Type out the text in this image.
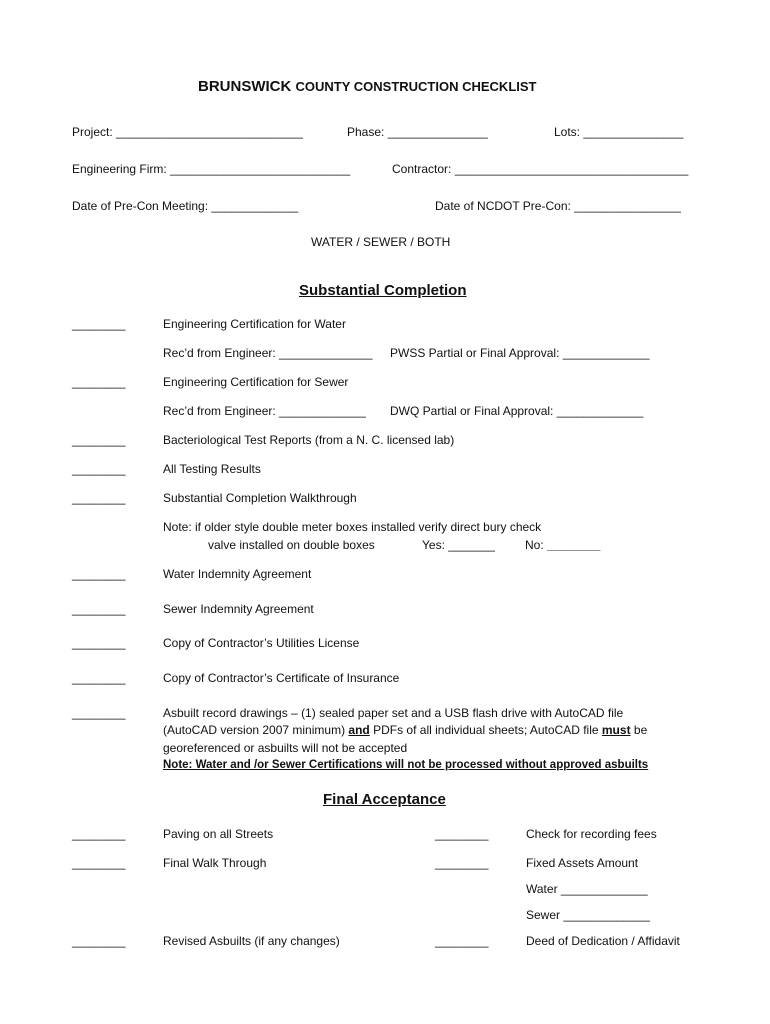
BRUNSWICK COUNTY CONSTRUCTION CHECKLIST
Project: ____________________________	Phase: _______________	Lots: _______________
Engineering Firm: ___________________________	Contractor: ___________________________________
Date of Pre-Con Meeting: _____________	Date of NCDOT Pre-Con: ________________
WATER / SEWER / BOTH
Substantial Completion
________	Engineering Certification for Water
Rec’d from Engineer: ______________ PWSS Partial or Final Approval: _____________
________	Engineering Certification for Sewer
Rec’d from Engineer: _____________ DWQ Partial or Final Approval: _____________
________	Bacteriological Test Reports (from a N. C. licensed lab)
________	All Testing Results
________	Substantial Completion Walkthrough
Note: if older style double meter boxes installed verify direct bury check
valve installed on double boxes	Yes: _______	No: ________
________	Water Indemnity Agreement
________	Sewer Indemnity Agreement
________	Copy of Contractor’s Utilities License
________	Copy of Contractor’s Certificate of Insurance
________	Asbuilt record drawings – (1) sealed paper set and a USB flash drive with AutoCAD file
(AutoCAD version 2007 minimum) and PDFs of all individual sheets; AutoCAD file must be
georeferenced or asbuilts will not be accepted
Note: Water and /or Sewer Certifications will not be processed without approved asbuilts
Final Acceptance
________	Paving on all Streets	________	Check for recording fees
________	Final Walk Through	________	Fixed Assets Amount
Water _____________
Sewer _____________
________	Revised Asbuilts (if any changes)	________	Deed of Dedication / Affidavit
